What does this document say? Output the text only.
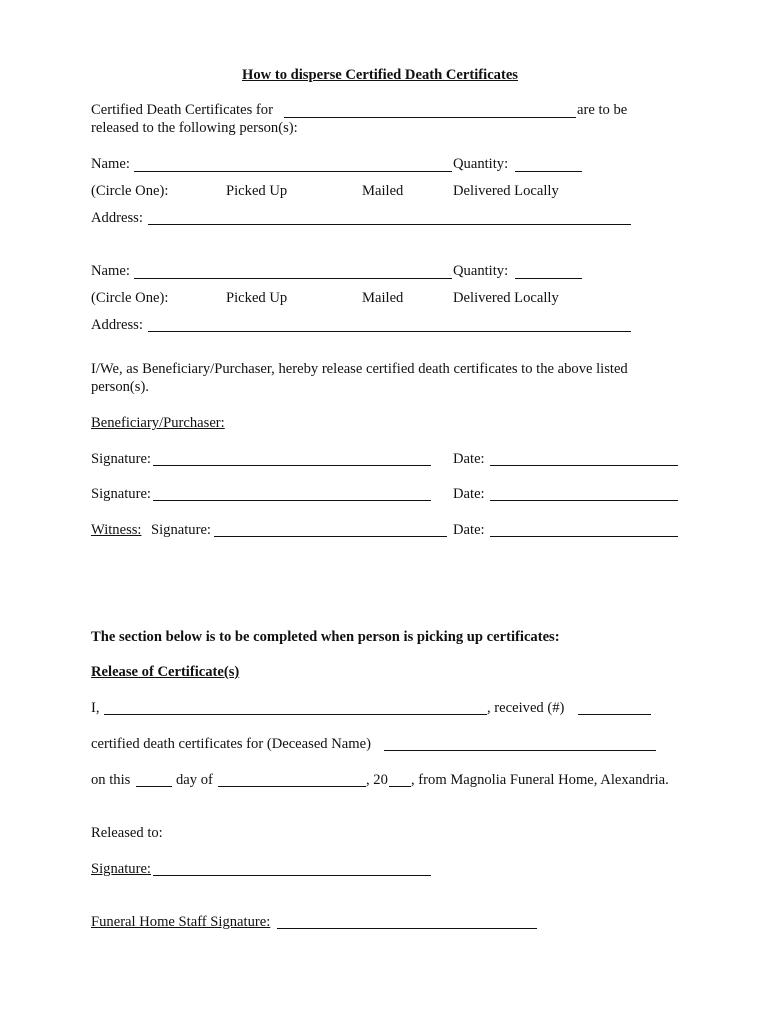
How to disperse Certified Death Certificates
Certified Death Certificates for	are to be
released to the following person(s):
Name:	Quantity:
(Circle One):	Picked Up	Mailed	Delivered Locally
Address:
Name:	Quantity:
(Circle One):	Picked Up	Mailed	Delivered Locally
Address:
I/We, as Beneficiary/Purchaser, hereby release certified death certificates to the above listed
person(s).
Beneficiary/Purchaser:
Signature:	Date:
Signature:	Date:
Witness: Signature:	Date:
The section below is to be completed when person is picking up certificates:
Release of Certificate(s)
I,	, received (#)
certified death certificates for (Deceased Name)
on this	day of	, 20 , from Magnolia Funeral Home, Alexandria.
Released to:
Signature:
Funeral Home Staff Signature:
